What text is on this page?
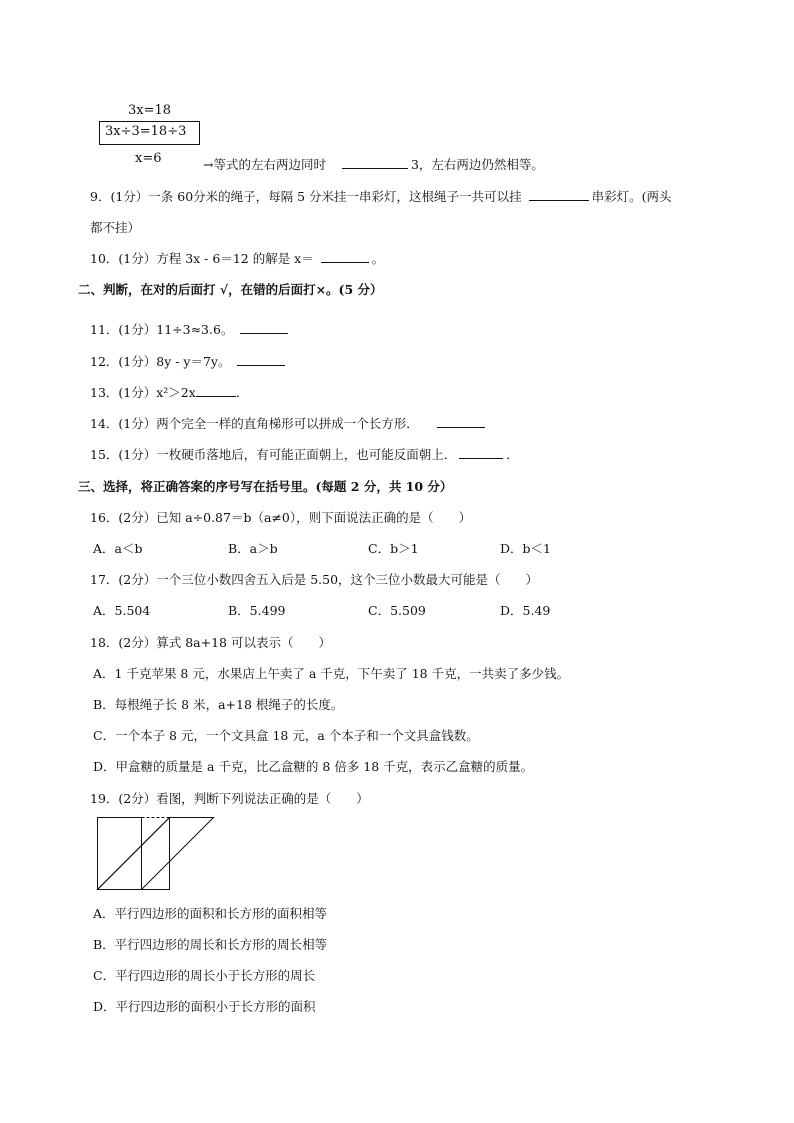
3x=18
3x÷3=18÷3
x=6	→等式的左右两边同时	3，左右两边仍然相等。
9．(1分）一条 60分米的绳子，每隔 5 分米挂一串彩灯，这根绳子一共可以挂	串彩灯。(两头
都不挂）
10．(1分）方程 3x - 6＝12 的解是 x＝	。
二、判断，在对的后面打 √，在错的后面打×。(5 分）
11．(1分）11÷3≈3.6。
12．(1分）8y - y＝7y。
13．(1分）x²＞2x	．
14．(1分）两个完全一样的直角梯形可以拼成一个长方形．
15．(1分）一枚硬币落地后，有可能正面朝上，也可能反面朝上．	．
三、选择，将正确答案的序号写在括号里。(每题 2 分，共 10 分）
16．(2分）已知 a÷0.87＝b（a≠0），则下面说法正确的是（　　）
A．a＜b	B．a＞b	C．b＞1	D．b＜1
17．(2分）一个三位小数四舍五入后是 5.50，这个三位小数最大可能是（　　）
A．5.504	B．5.499	C．5.509	D．5.49
18．(2分）算式 8a+18 可以表示（　　）
A．1 千克苹果 8 元，水果店上午卖了 a 千克，下午卖了 18 千克，一共卖了多少钱。
B．每根绳子长 8 米，a+18 根绳子的长度。
C．一个本子 8 元，一个文具盒 18 元，a 个本子和一个文具盒钱数。
D．甲盒糖的质量是 a 千克，比乙盒糖的 8 倍多 18 千克，表示乙盒糖的质量。
19．(2分）看图，判断下列说法正确的是（　　）
A．平行四边形的面积和长方形的面积相等
B．平行四边形的周长和长方形的周长相等
C．平行四边形的周长小于长方形的周长
D．平行四边形的面积小于长方形的面积
